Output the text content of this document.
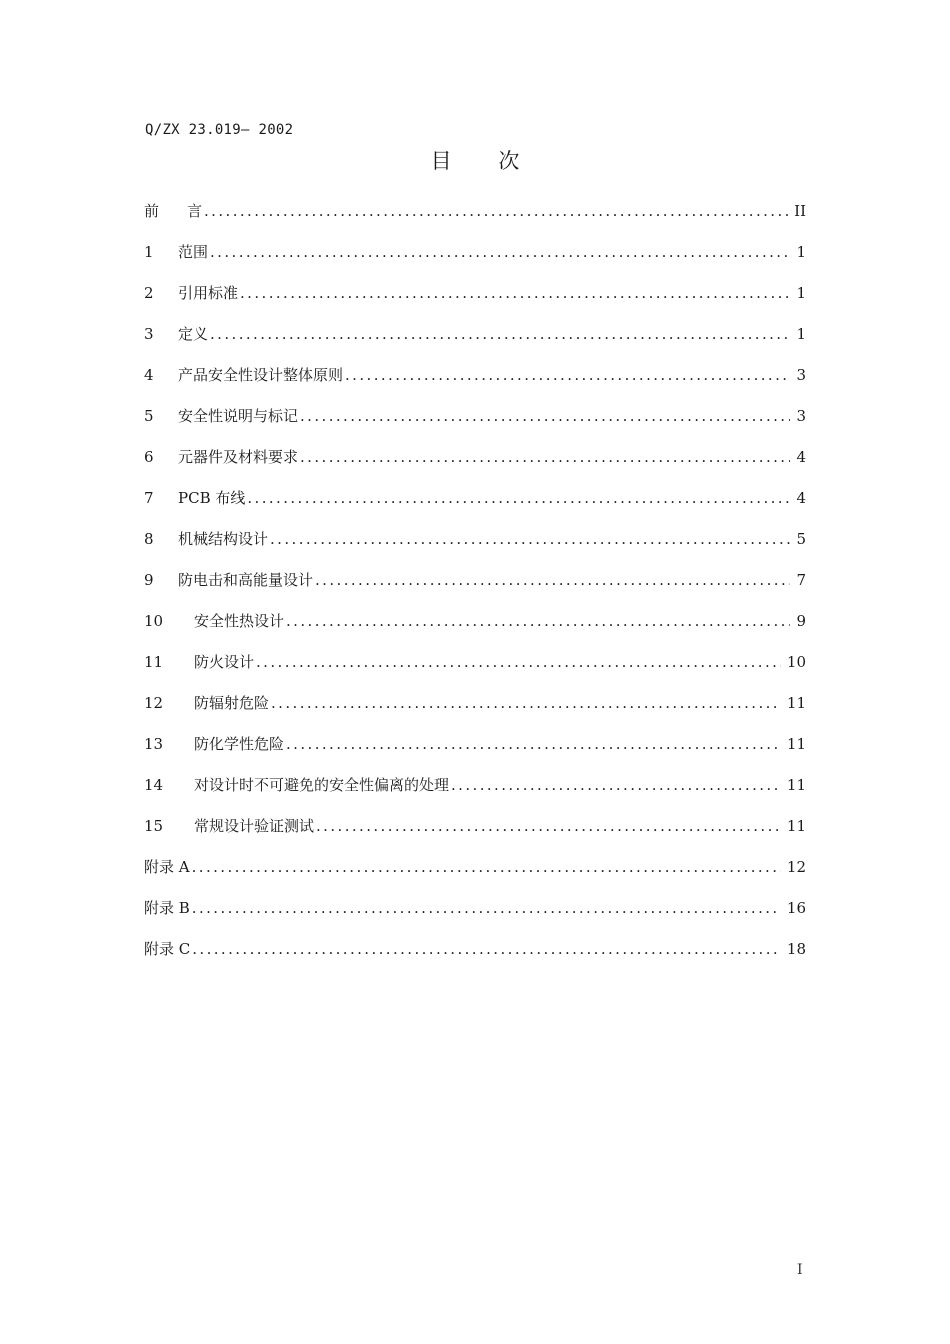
Q/ZX 23.019— 2002
目 次
前言 .....	II
1	范围 .....	1
2	引用标准 .....	1
3	定义 .....	1
4	产品安全性设计整体原则 .....	3
5	安全性说明与标记 .....	3
6	元器件及材料要求 .....	4
7	PCB 布线 .....	4
8	机械结构设计 .....	5
9	防电击和高能量设计 .....	7
10	安全性热设计 .....	9
11	防火设计 .....	10
12	防辐射危险 .....	11
13	防化学性危险 .....	11
14	对设计时不可避免的安全性偏离的处理 .....	11
15	常规设计验证测试 .....	11
附录 A .....	12
附录 B .....	16
附录 C .....	18
I
